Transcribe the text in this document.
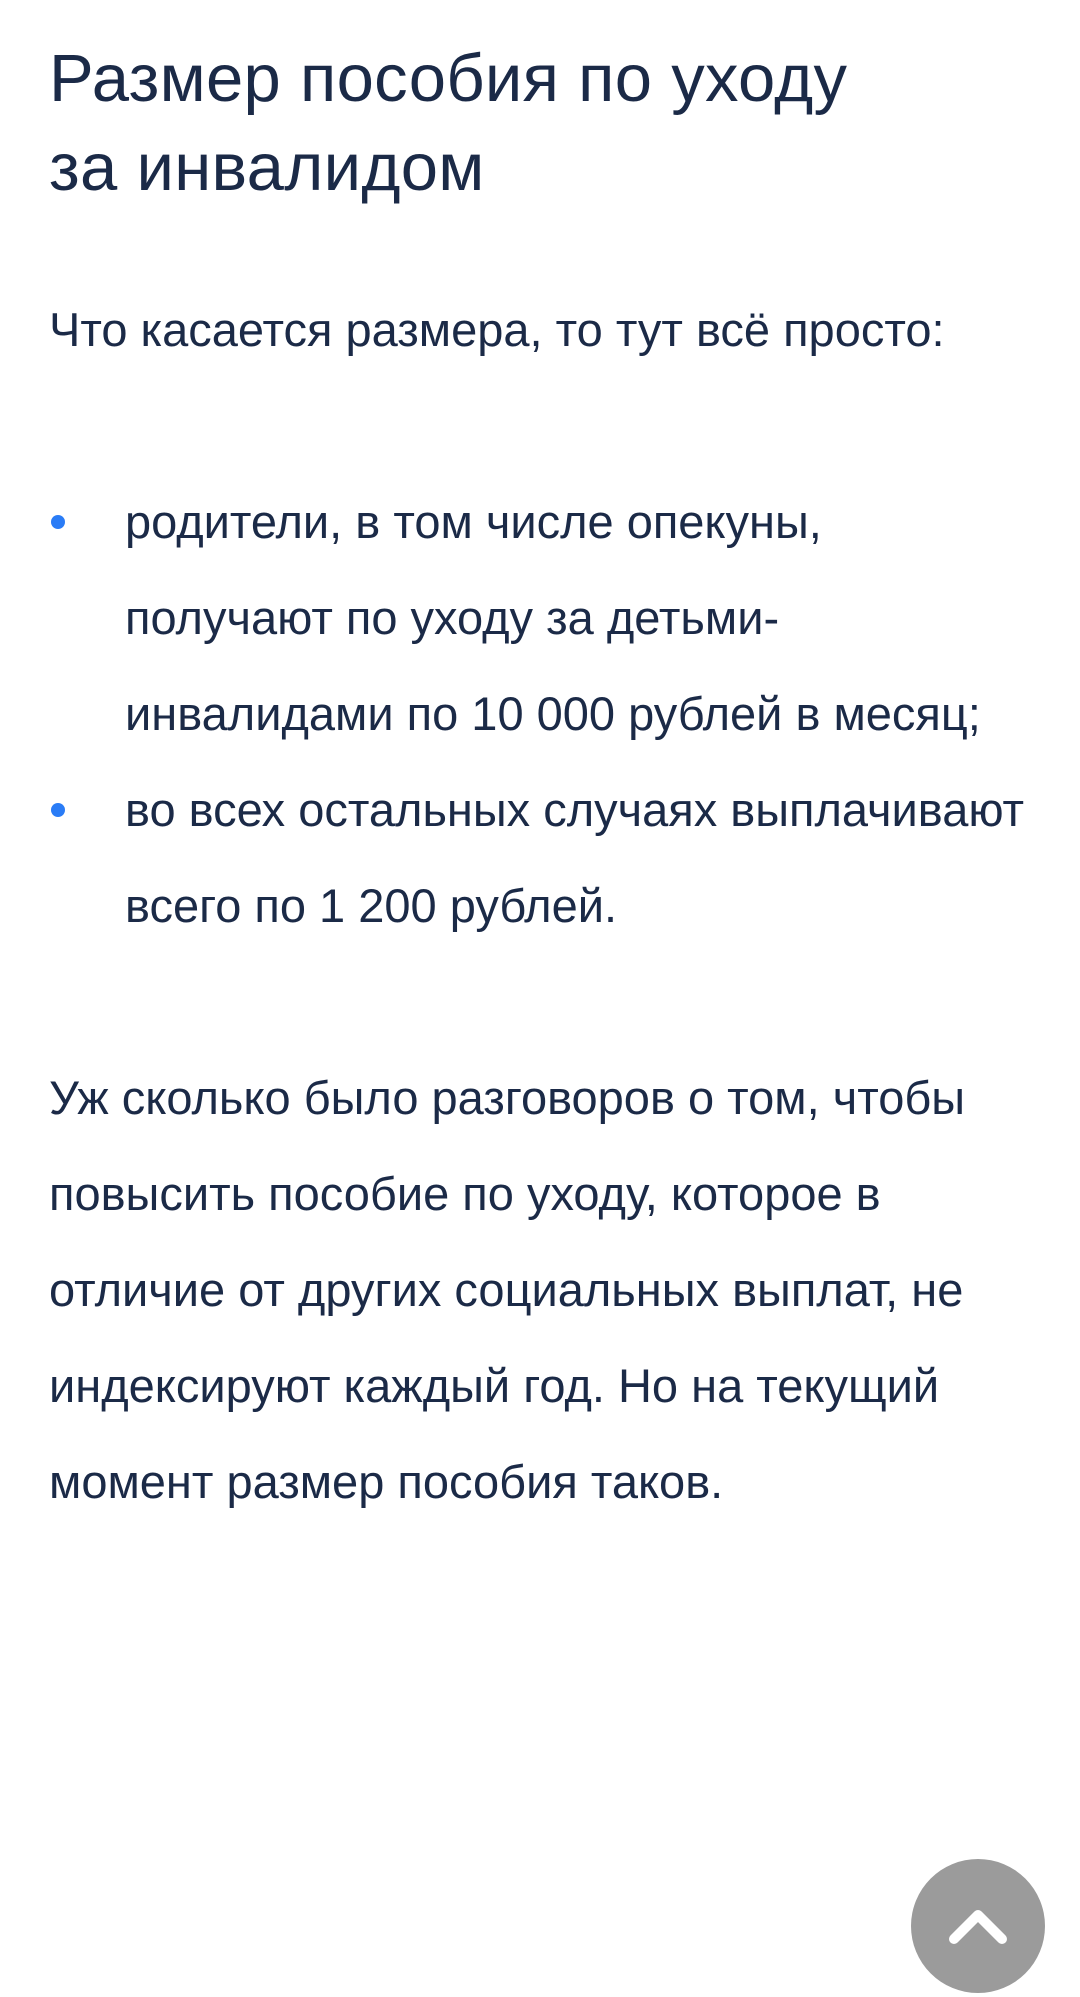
Размер пособия по уходу
за инвалидом

Что касается размера, то тут всё просто:

родители, в том числе опекуны, получают по уходу за детьми-инвалидами по 10 000 рублей в месяц;
во всех остальных случаях выплачивают всего по 1 200 рублей.

Уж сколько было разговоров о том, чтобы повысить пособие по уходу, которое в отличие от других социальных выплат, не индексируют каждый год. Но на текущий момент размер пособия таков.
